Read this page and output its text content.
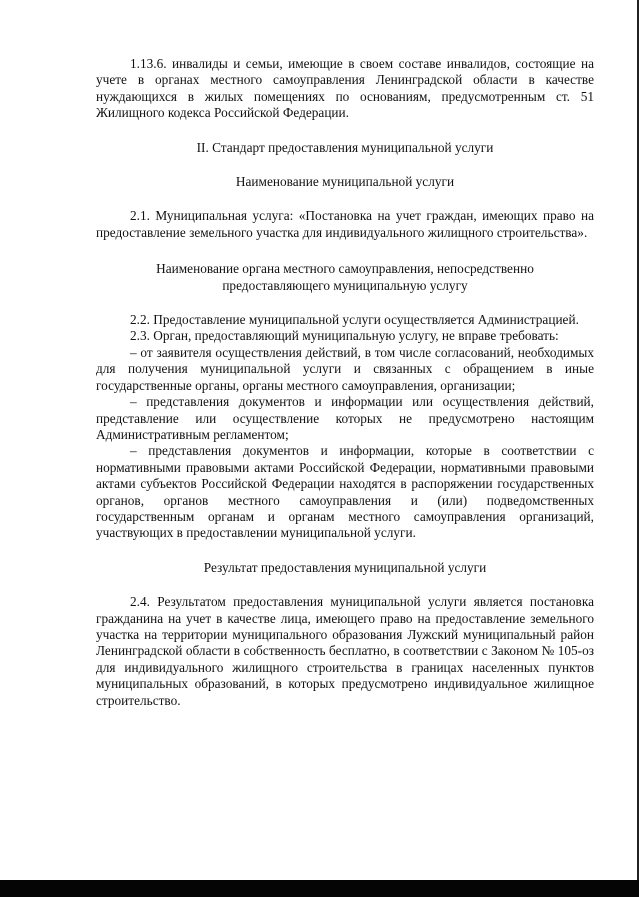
1.13.6. инвалиды и семьи, имеющие в своем составе инвалидов, состоящие на учете в органах местного самоуправления Ленинградской области в качестве нуждающихся в жилых помещениях по основаниям, предусмотренным ст. 51 Жилищного кодекса Российской Федерации.

II. Стандарт предоставления муниципальной услуги

Наименование муниципальной услуги

2.1. Муниципальная услуга: «Постановка на учет граждан, имеющих право на предоставление земельного участка для индивидуального жилищного строительства».

Наименование органа местного самоуправления, непосредственно

предоставляющего муниципальную услугу

2.2. Предоставление муниципальной услуги осуществляется Администрацией.

2.3. Орган, предоставляющий муниципальную услугу, не вправе требовать:

– от заявителя осуществления действий, в том числе согласований, необходимых для получения муниципальной услуги и связанных с обращением в иные государственные органы, органы местного самоуправления, организации;

– представления документов и информации или осуществления действий, представление или осуществление которых не предусмотрено настоящим Административным регламентом;

– представления документов и информации, которые в соответствии с нормативными правовыми актами Российской Федерации, нормативными правовыми актами субъектов Российской Федерации находятся в распоряжении государственных органов, органов местного самоуправления и (или) подведомственных государственным органам и органам местного самоуправления организаций, участвующих в предоставлении муниципальной услуги.

Результат предоставления муниципальной услуги

2.4. Результатом предоставления муниципальной услуги является постановка гражданина на учет в качестве лица, имеющего право на предоставление земельного участка на территории муниципального образования Лужский муниципальный район Ленинградской области в собственность бесплатно, в соответствии с Законом № 105-оз для индивидуального жилищного строительства в границах населенных пунктов муниципальных образований, в которых предусмотрено индивидуальное жилищное строительство.
